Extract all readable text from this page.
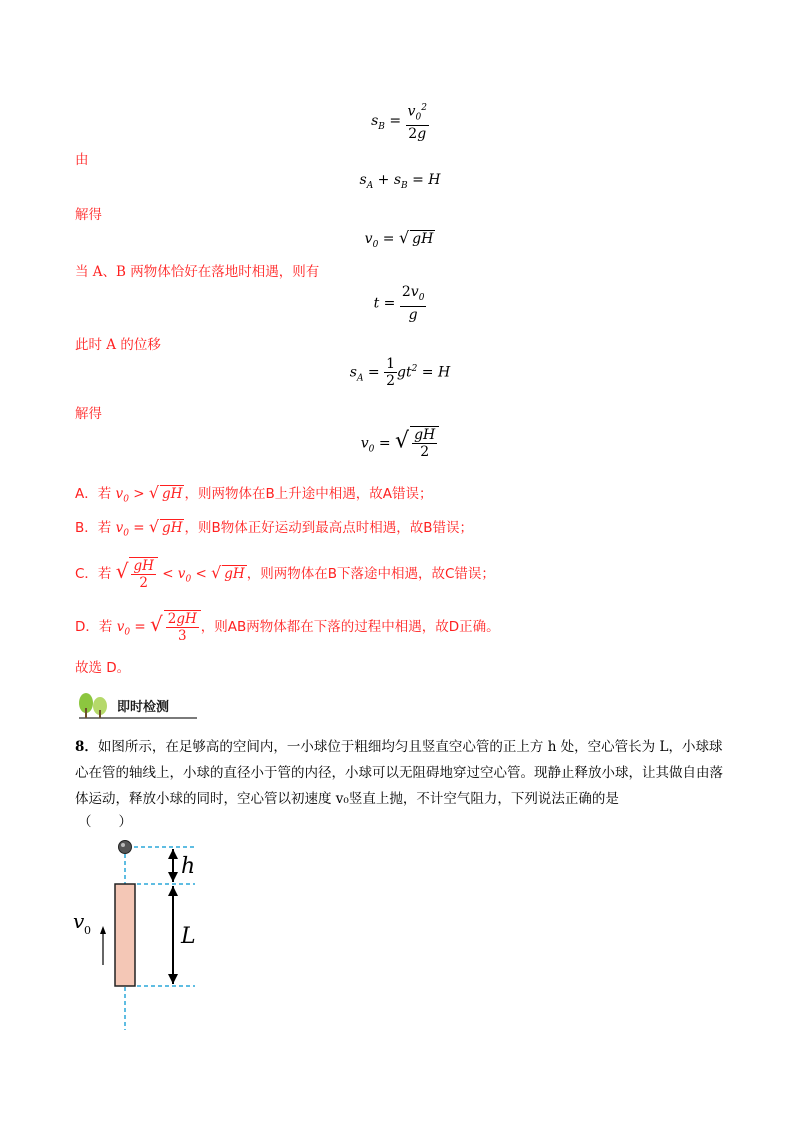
$s_B = \frac{v_0^2}{2g}$
由
$s_A + s_B = H$
解得
$v_0$ = √ gH
当 A、B 两物体恰好在落地时相遇，则有
$t = \frac{2v_0}{g}$
此时 A 的位移
$s_A = \frac{1}{2} gt^2 = H$
解得
$v_0$ = √ $\frac{gH}{2}$
A．若 $v_0$ > √ gH ，则两物体在B上升途中相遇，故A错误；
B．若 $v_0$ = √ gH ，则B物体正好运动到最高点时相遇，故B错误；
C．若 √ $\frac{gH}{2} < v_0$ < √ gH ，则两物体在B下落途中相遇，故C错误；
D．若 $v_0$ = √ $\frac{2gH}{3}$ ，则AB两物体都在下落的过程中相遇，故D正确。
故选 D。
即时检测
8．如图所示，在足够高的空间内，一小球位于粗细均匀且竖直空心管的正上方 h 处，空心管长为 L，小球球心在管的轴线上，小球的直径小于管的内径，小球可以无阻碍地穿过空心管。现静止释放小球，让其做自由落体运动，释放小球的同时，空心管以初速度 v₀竖直上抛，不计空气阻力，下列说法正确的是
（　　）
h
L
v 0
